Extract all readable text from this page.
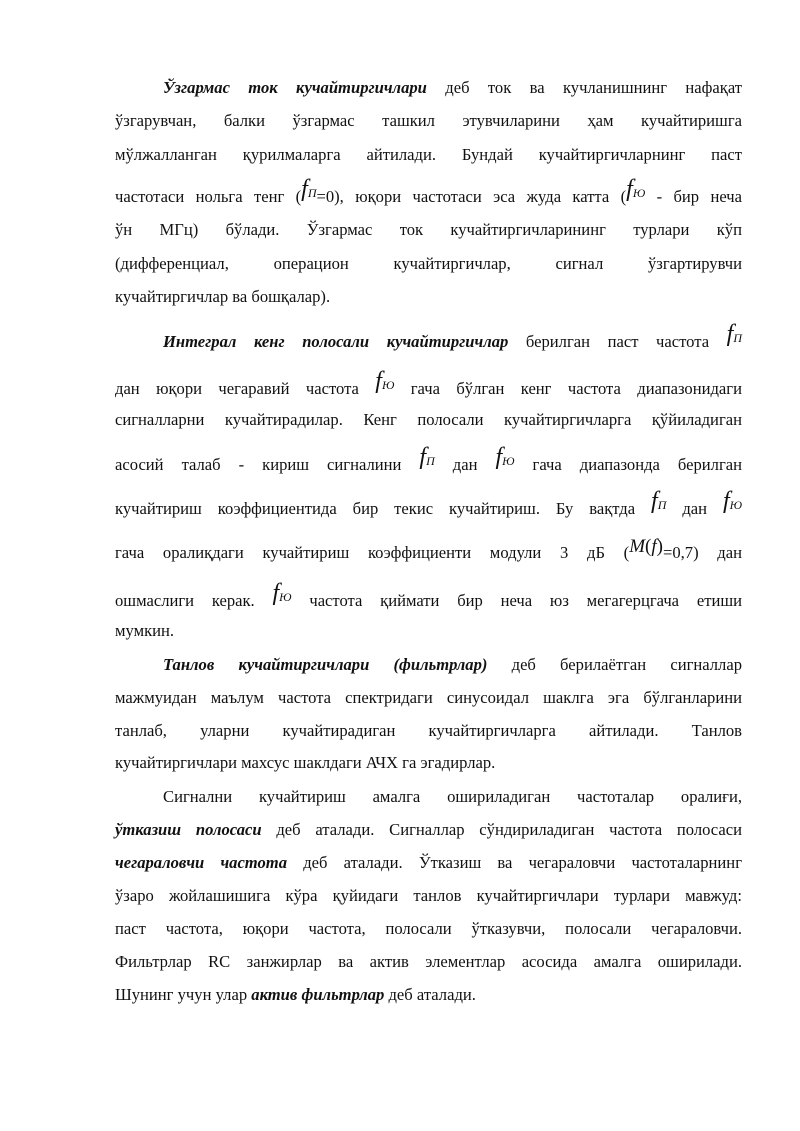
Ўзгармас ток кучайтиргичлари деб ток ва кучланишнинг нафақат
ўзгарувчан, балки ўзгармас ташкил этувчиларини ҳам кучайтиришга
мўлжалланган қурилмаларга айтилади. Бундай кучайтиргичларнинг паст
частотаси нольга тенг $(f^П=0)$, юқори частотаси эса жуда катта ($f^Ю$ - бир неча
ўн МГц) бўлади. Ўзгармас ток кучайтиргичларининг турлари кўп
(дифференциал, операцион кучайтиргичлар, сигнал ўзгартирувчи
кучайтиргичлар ва бошқалар).
Интеграл кенг полосали кучайтиргичлар берилган паст частота $f^П$
дан юқори чегаравий частота $f^Ю$ гача бўлган кенг частота диапазонидаги
сигналларни кучайтирадилар. Кенг полосали кучайтиргичларга қўйиладиган
асосий талаб - кириш сигналини $f^П$ дан $f^Ю$ гача диапазонда берилган
кучайтириш коэффициентида бир текис кучайтириш. Бу вақтда $f^П$ дан $f^Ю$
гача оралиқдаги кучайтириш коэффициенти модули 3 дБ (M(f)=0,7) дан
ошмаслиги керак. $f^Ю$ частота қиймати бир неча юз мегагерцгача етиши
мумкин.
Танлов кучайтиргичлари (фильтрлар) деб берилаётган сигналлар
мажмуидан маълум частота спектридаги синусоидал шаклга эга бўлганларини
танлаб, уларни кучайтирадиган кучайтиргичларга айтилади. Танлов
кучайтиргичлари махсус шаклдаги АЧХ га эгадирлар.
Сигнални кучайтириш амалга ошириладиган частоталар оралиғи,
ўтказиш полосаси деб аталади. Сигналлар сўндириладиган частота полосаси
чегараловчи частота деб аталади. Ўтказиш ва чегараловчи частоталарнинг
ўзаро жойлашишига кўра қуйидаги танлов кучайтиргичлари турлари мавжуд:
паст частота, юқори частота, полосали ўтказувчи, полосали чегараловчи.
Фильтрлар RC занжирлар ва актив элементлар асосида амалга оширилади.
Шунинг учун улар актив фильтрлар деб аталади.
